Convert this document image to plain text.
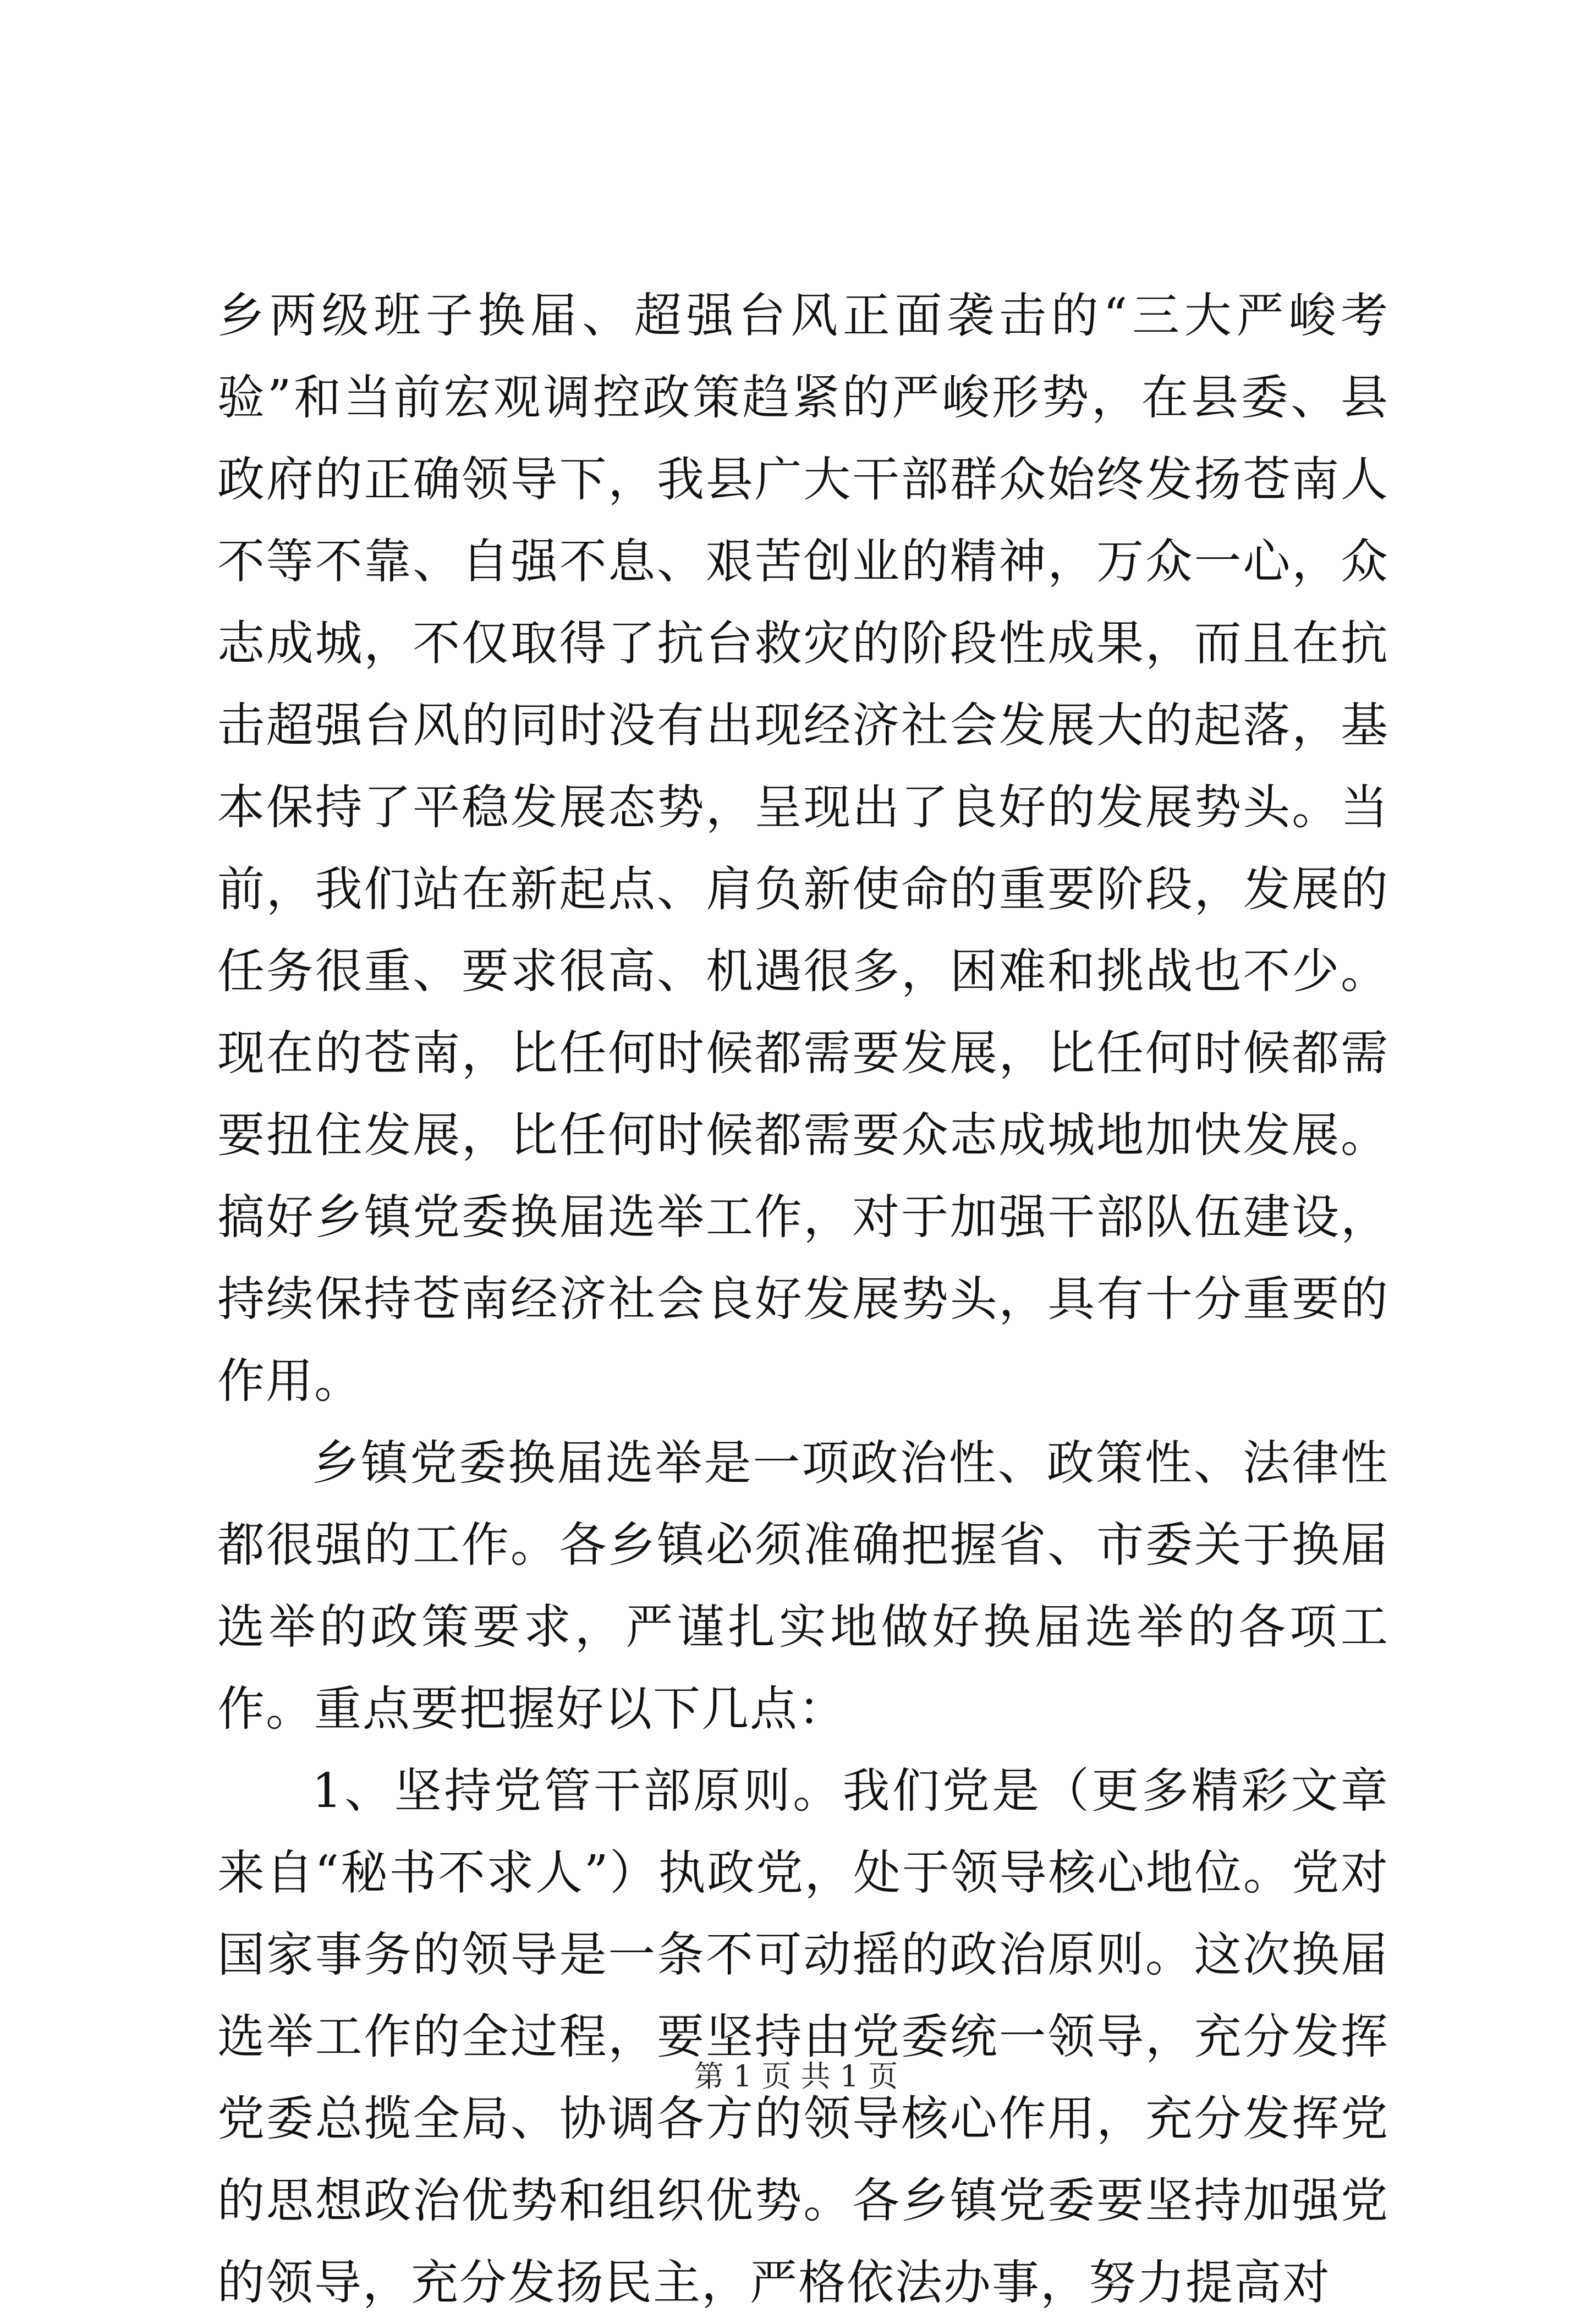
乡两级班子换届、超强台风正面袭击的“三大严峻考验”和当前宏观调控政策趋紧的严峻形势，在县委、县政府的正确领导下，我县广大干部群众始终发扬苍南人不等不靠、自强不息、艰苦创业的精神，万众一心，众志成城，不仅取得了抗台救灾的阶段性成果，而且在抗击超强台风的同时没有出现经济社会发展大的起落，基本保持了平稳发展态势，呈现出了良好的发展势头。当前，我们站在新起点、肩负新使命的重要阶段，发展的任务很重、要求很高、机遇很多，困难和挑战也不少。现在的苍南，比任何时候都需要发展，比任何时候都需要扭住发展，比任何时候都需要众志成城地加快发展。搞好乡镇党委换届选举工作，对于加强干部队伍建设，持续保持苍南经济社会良好发展势头，具有十分重要的作用。

乡镇党委换届选举是一项政治性、政策性、法律性都很强的工作。各乡镇必须准确把握省、市委关于换届选举的政策要求，严谨扎实地做好换届选举的各项工作。重点要把握好以下几点：

1、坚持党管干部原则。我们党是（更多精彩文章来自“秘书不求人”）执政党，处于领导核心地位。党对国家事务的领导是一条不可动摇的政治原则。这次换届选举工作的全过程，要坚持由党委统一领导，充分发挥党委总揽全局、协调各方的领导核心作用，充分发挥党的思想政治优势和组织优势。各乡镇党委要坚持加强党的领导，充分发扬民主，严格依法办事，努力提高对

第 1 页 共 1 页
